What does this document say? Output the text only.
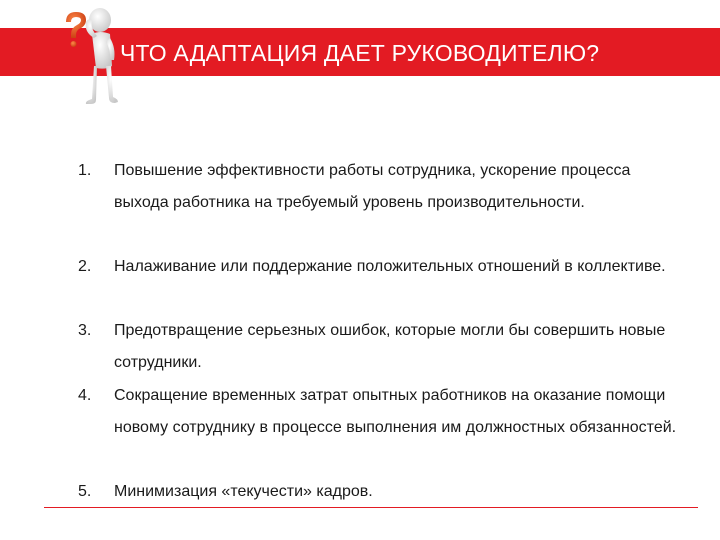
ЧТО АДАПТАЦИЯ ДАЕТ РУКОВОДИТЕЛЮ?
1. Повышение эффективности работы сотрудника, ускорение процесса выхода работника на требуемый уровень производительности.
2. Налаживание или поддержание положительных отношений в коллективе.
3. Предотвращение серьезных ошибок, которые могли бы совершить новые сотрудники.
4. Сокращение временных затрат опытных работников на оказание помощи новому сотруднику в процессе выполнения им должностных обязанностей.
5. Минимизация «текучести» кадров.
